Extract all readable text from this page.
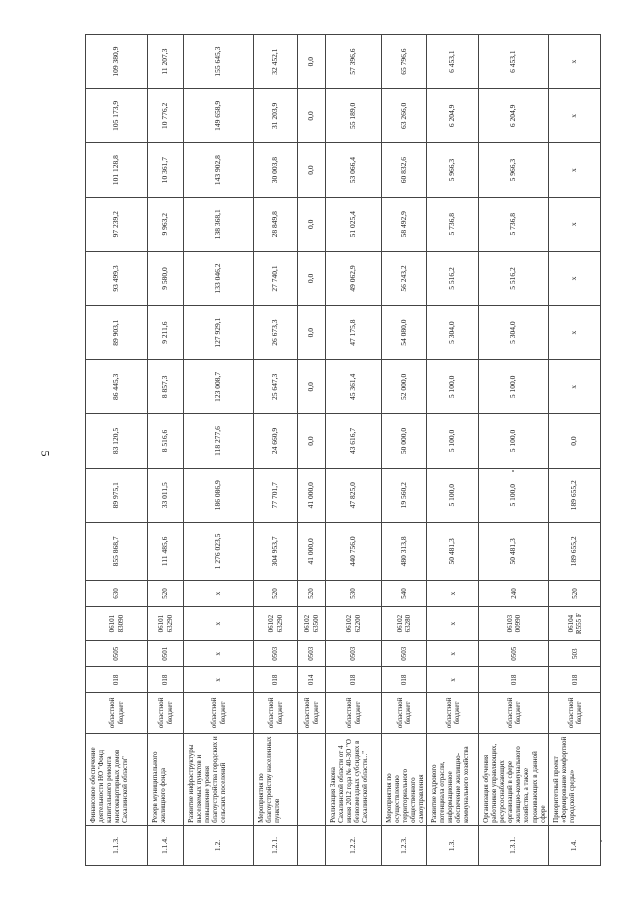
5
1.1.3.	Финансовое обеспечение деятельности НО "Фонд капитального ремонта многоквартирных домов Сахалинской области"	областной бюджет	018	0505	06101 83090	630	855 868,7	89 975,1	83 120,5	86 445,3	89 903,1	93 499,3	97 239,2	101 128,8	105 173,9	109 380,9
1.1.4.	Резерв муниципального жилищного фонда	областной бюджет	018	0501	06101 63290	520	111 485,6	33 011,5	8 516,6	8 857,3	9 211,6	9 580,0	9 963,2	10 361,7	10 776,2	11 207,3
1.2.	Развитие инфраструктуры выселяемых пунктов и повышение уровня благоустройства городских и сельских поселений	областной бюджет	x	x	x	x	1 276 023,5	186 086,9	118 277,6	123 008,7	127 929,1	133 046,2	138 368,1	143 902,8	149 658,9	155 645,3
1.2.1.	Мероприятия по благоустройству населенных пунктов	областной бюджет	018	0503	06102 63290	520	304 953,7	77 701,7	24 660,9	25 647,3	26 673,3	27 740,1	28 849,8	30 003,8	31 203,9	32 452,1
		областной бюджет	014	0503	06102 63500	520	41 000,0	41 000,0	0,0	0,0	0,0	0,0	0,0	0,0	0,0	0,0
1.2.2.	Реализация Закона Сахалинской области от 4 июня 2012 года № 40-ЗО "О безвозмездных субсидиях в Сахалинской области..."	областной бюджет	018	0503	06102 62200	530	440 756,0	47 825,0	43 616,7	45 361,4	47 175,8	49 062,9	51 025,4	53 066,4	55 189,0	57 396,6
1.2.3.	Мероприятия по осуществлению территориального общественного самоуправления	областной бюджет	018	0503	06102 63280	540	480 313,8	19 560,2	50 000,0	52 000,0	54 080,0	56 243,2	58 492,9	60 832,6	63 266,0	65 796,6
1.3.	Развитие кадрового потенциала отрасли, информационное обеспечение жилищно-коммунального хозяйства	областной бюджет	x	x	x	x	50 481,3	5 100,0	5 100,0	5 100,0	5 304,0	5 516,2	5 736,8	5 966,3	6 204,9	6 453,1
1.3.1.	Организация обучения работников управляющих, ресурсоснабжающих организаций в сфере жилищно-коммунального хозяйства, а также проживающих в данной сфере	областной бюджет	018	0505	06103 00990	240	50 481,3	5 100,0	5 100,0	5 100,0	5 304,0	5 516,2	5 736,8	5 966,3	6 204,9	6 453,1
1.4.	Приоритетный проект «Формирование комфортной городской среды»	областной бюджет	018	503	06104 R555 F	520	189 655,2	189 655,2	0,0	x	x	x	x	x	x	x
